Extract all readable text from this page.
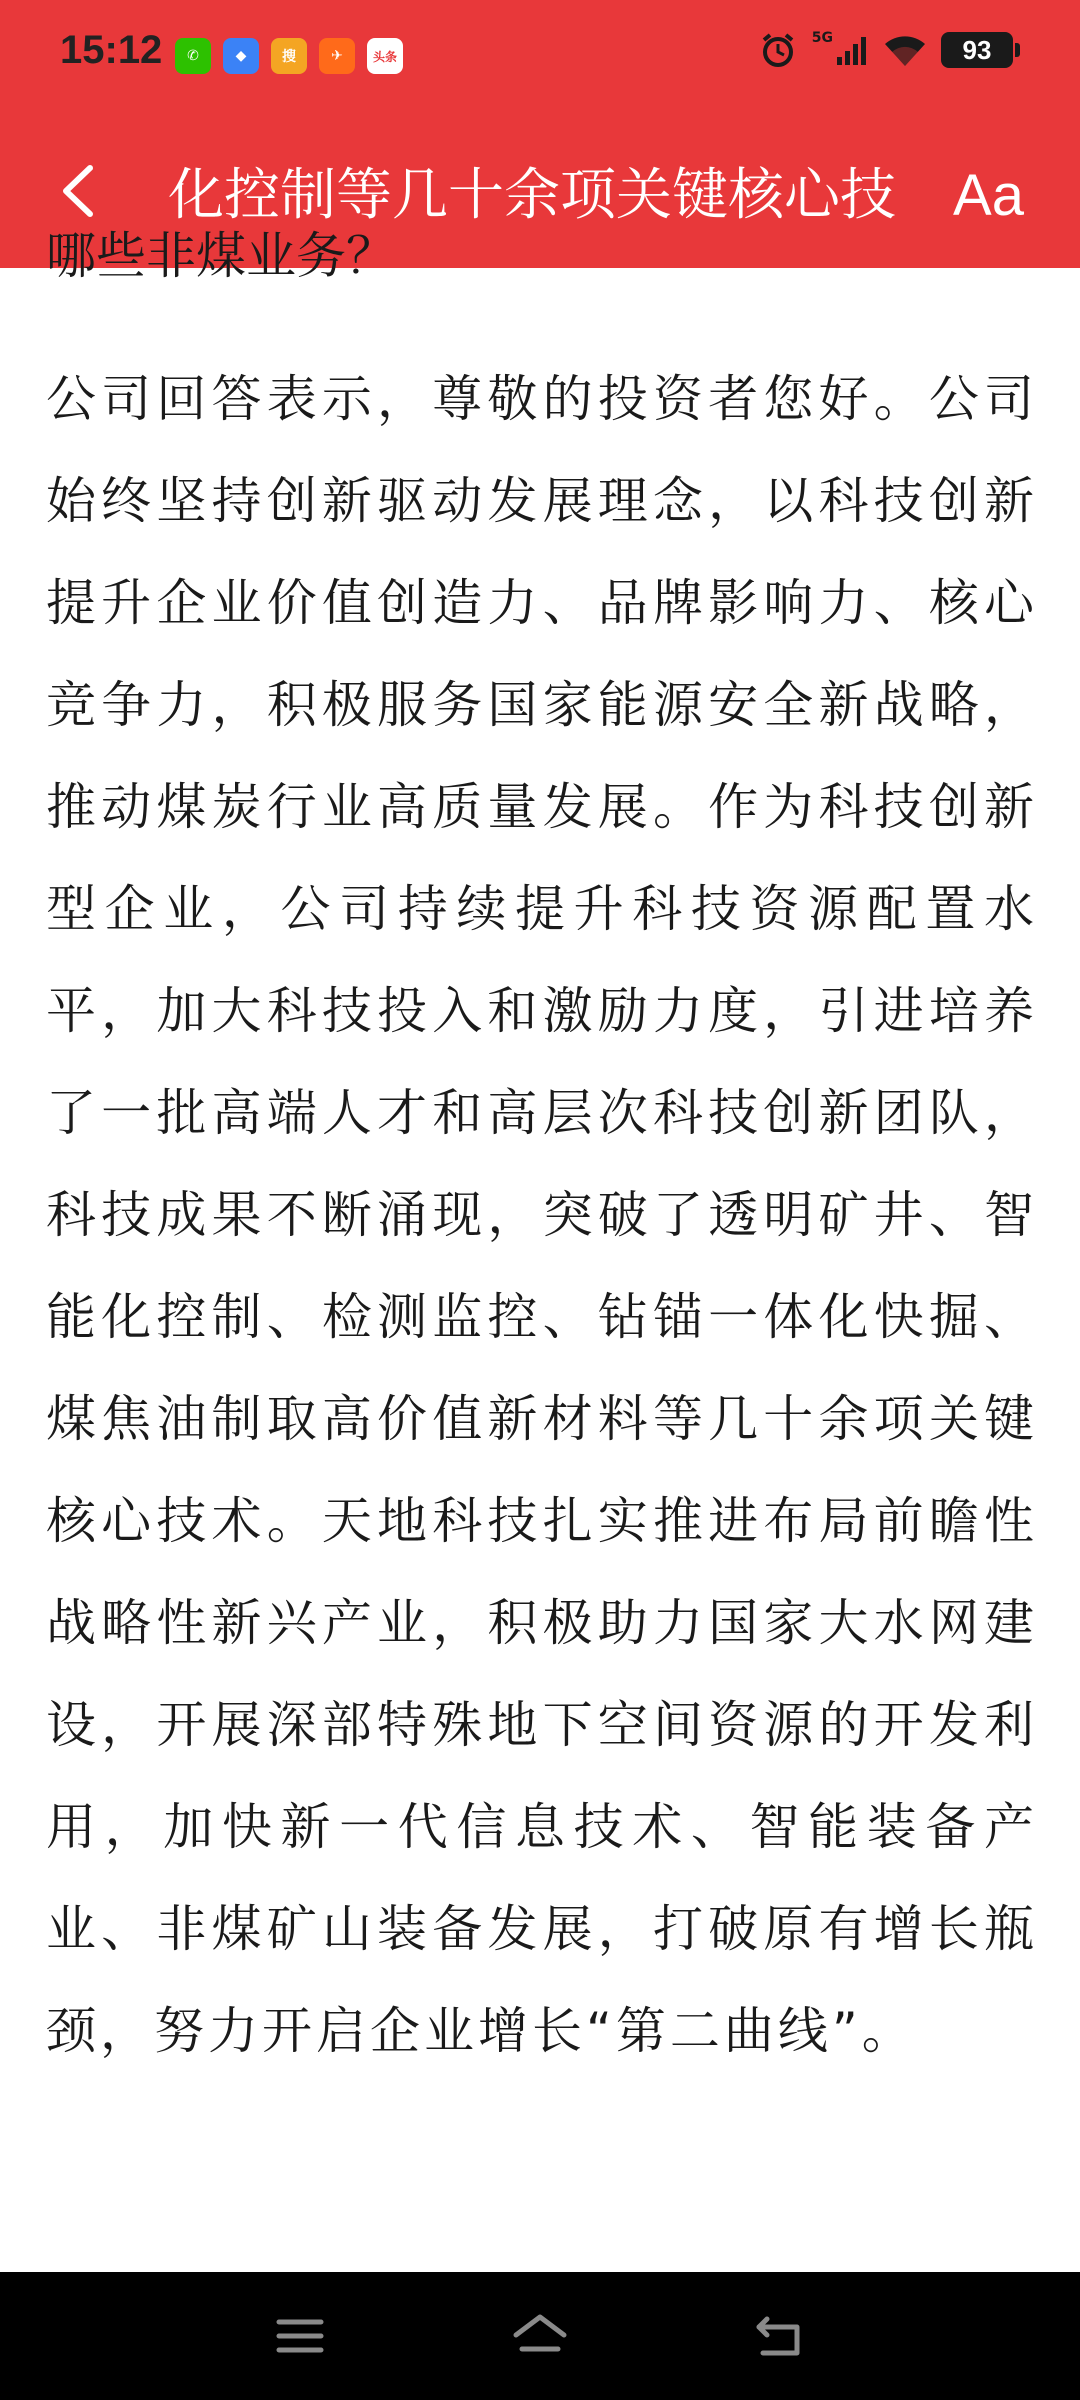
15:12	✆	◆	搜	✈	头条
5G	93
化控制等几十余项关键核心技 Aa
哪些非煤业务？

公司回答表示，尊敬的投资者您好。公司始终坚持创新驱动发展理念，以科技创新提升企业价值创造力、品牌影响力、核心竞争力，积极服务国家能源安全新战略，推动煤炭行业高质量发展。作为科技创新型企业，公司持续提升科技资源配置水平，加大科技投入和激励力度，引进培养了一批高端人才和高层次科技创新团队，科技成果不断涌现，突破了透明矿井、智能化控制、检测监控、钻锚一体化快掘、煤焦油制取高价值新材料等几十余项关键核心技术。天地科技扎实推进布局前瞻性战略性新兴产业，积极助力国家大水网建设，开展深部特殊地下空间资源的开发利用，加快新一代信息技术、智能装备产业、非煤矿山装备发展，打破原有增长瓶颈，努力开启企业增长“第二曲线”。
